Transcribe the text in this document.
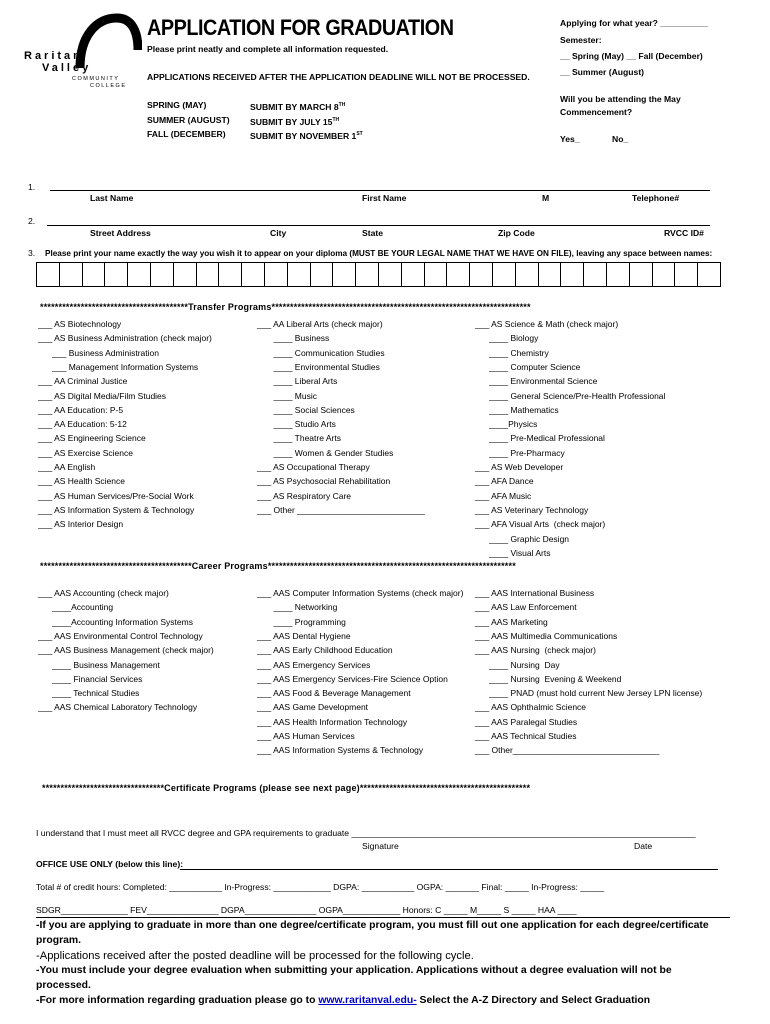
Raritan
Valley
COMMUNITY
COLLEGE
APPLICATION FOR GRADUATION
Please print neatly and complete all information requested.
APPLICATIONS RECEIVED AFTER THE APPLICATION DEADLINE WILL NOT BE PROCESSED.
SPRING (MAY)	SUBMIT BY MARCH 8TH
SUMMER (AUGUST) SUBMIT BY JULY 15TH
FALL (DECEMBER)	SUBMIT BY NOVEMBER 1ST
Applying for what year? __________
Semester:
__ Spring (May) __ Fall (December)
__ Summer (August)
Will you be attending the May
Commencement?
Yes_	No_
1.
Last Name	First Name	M	Telephone#
2.
Street Address	City	State	Zip Code	RVCC ID#
3. Please print your name exactly the way you wish it to appear on your diploma (MUST BE YOUR LEGAL NAME THAT WE HAVE ON FILE), leaving any space between names:
****************************************Transfer Programs**********************************************************************
___ AS Biotechnology
___ AS Business Administration (check major)
___ Business Administration
___ Management Information Systems
___ AA Criminal Justice
___ AS Digital Media/Film Studies
___ AA Education: P-5
___ AA Education: 5-12
___ AS Engineering Science
___ AS Exercise Science
___ AA English
___ AS Health Science
___ AS Human Services/Pre-Social Work
___ AS Information System & Technology
___ AS Interior Design
___ AA Liberal Arts (check major)
____ Business
____ Communication Studies
____ Environmental Studies
____ Liberal Arts
____ Music
____ Social Sciences
____ Studio Arts
____ Theatre Arts
____ Women & Gender Studies
___ AS Occupational Therapy
___ AS Psychosocial Rehabilitation
___ AS Respiratory Care
___ Other ___________________________
___ AS Science & Math (check major)
____ Biology
____ Chemistry
____ Computer Science
____ Environmental Science
____ General Science/Pre-Health Professional
____ Mathematics
____Physics
____ Pre-Medical Professional
____ Pre-Pharmacy
___ AS Web Developer
___ AFA Dance
___ AFA Music
___ AS Veterinary Technology
___ AFA Visual Arts  (check major)
____ Graphic Design
____ Visual Arts
*****************************************Career Programs*******************************************************************
___ AAS Accounting (check major)
____Accounting
____Accounting Information Systems
___ AAS Environmental Control Technology
___ AAS Business Management (check major)
____ Business Management
____ Financial Services
____ Technical Studies
___ AAS Chemical Laboratory Technology
___ AAS Computer Information Systems (check major)
____ Networking
____ Programming
___ AAS Dental Hygiene
___ AAS Early Childhood Education
___ AAS Emergency Services
___ AAS Emergency Services-Fire Science Option
___ AAS Food & Beverage Management
___ AAS Game Development
___ AAS Health Information Technology
___ AAS Human Services
___ AAS Information Systems & Technology
___ AAS International Business
___ AAS Law Enforcement
___ AAS Marketing
___ AAS Multimedia Communications
___ AAS Nursing  (check major)
____ Nursing  Day
____ Nursing  Evening & Weekend
____ PNAD (must hold current New Jersey LPN license)
___ AAS Ophthalmic Science
___ AAS Paralegal Studies
___ AAS Technical Studies
___ Other_______________________________
*********************************Certificate Programs (please see next page)**********************************************
I understand that I must meet all RVCC degree and GPA requirements to graduate ________________________________________________________________________
Signature	Date
OFFICE USE ONLY (below this line):
Total # of credit hours: Completed: ___________ In-Progress: ____________ DGPA: ___________ OGPA: _______ Final: _____ In-Progress: _____
SDGR______________ FEV_______________ DGPA_______________ OGPA____________ Honors: C _____ M_____ S _____ HAA ____
-If you are applying to graduate in more than one degree/certificate program, you must fill out one application for each degree/certificate
program.
-Applications received after the posted deadline will be processed for the following cycle.
-You must include your degree evaluation when submitting your application. Applications without a degree evaluation will not be
processed.
-For more information regarding graduation please go to www.raritanval.edu- Select the A-Z Directory and Select Graduation
